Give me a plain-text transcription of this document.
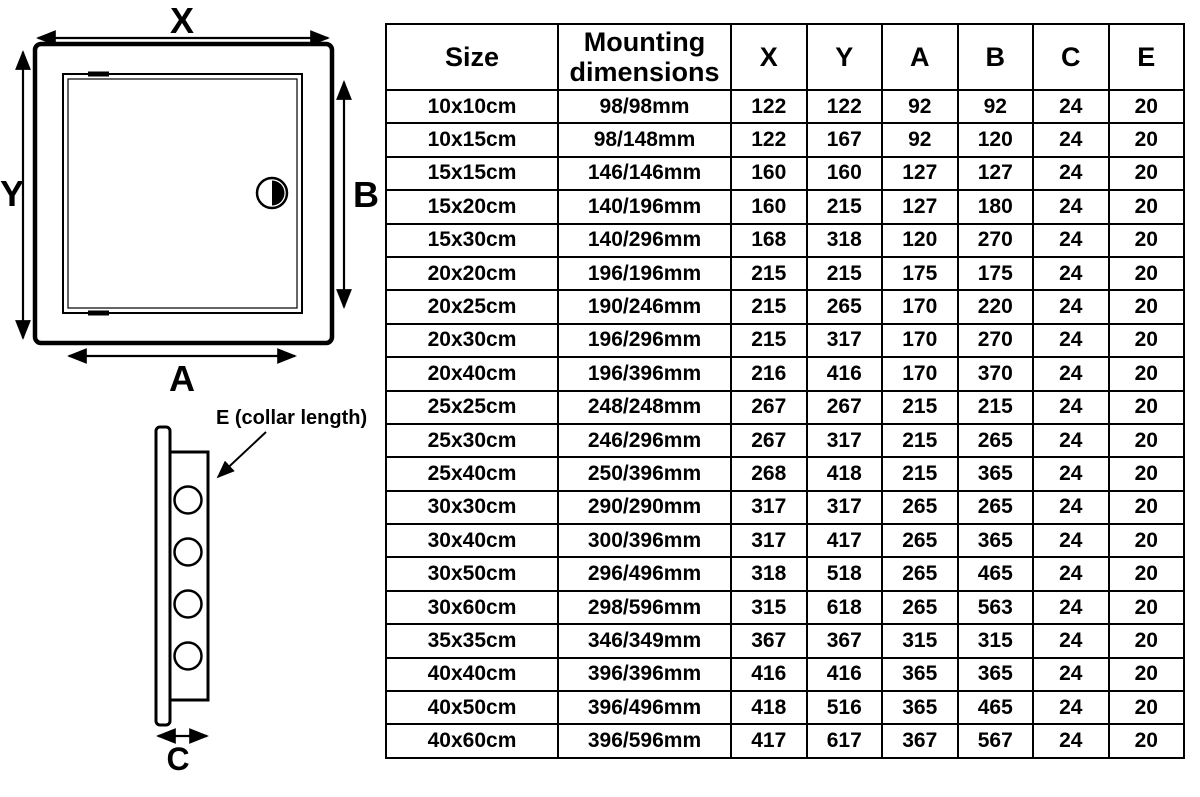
X
Y	B
A
E (collar length)
C
Size	Mounting dimensions	X	Y	A	B	C	E
10x10cm	98/98mm	122	122	92	92	24	20
10x15cm	98/148mm	122	167	92	120	24	20
15x15cm	146/146mm	160	160	127	127	24	20
15x20cm	140/196mm	160	215	127	180	24	20
15x30cm	140/296mm	168	318	120	270	24	20
20x20cm	196/196mm	215	215	175	175	24	20
20x25cm	190/246mm	215	265	170	220	24	20
20x30cm	196/296mm	215	317	170	270	24	20
20x40cm	196/396mm	216	416	170	370	24	20
25x25cm	248/248mm	267	267	215	215	24	20
25x30cm	246/296mm	267	317	215	265	24	20
25x40cm	250/396mm	268	418	215	365	24	20
30x30cm	290/290mm	317	317	265	265	24	20
30x40cm	300/396mm	317	417	265	365	24	20
30x50cm	296/496mm	318	518	265	465	24	20
30x60cm	298/596mm	315	618	265	563	24	20
35x35cm	346/349mm	367	367	315	315	24	20
40x40cm	396/396mm	416	416	365	365	24	20
40x50cm	396/496mm	418	516	365	465	24	20
40x60cm	396/596mm	417	617	367	567	24	20
